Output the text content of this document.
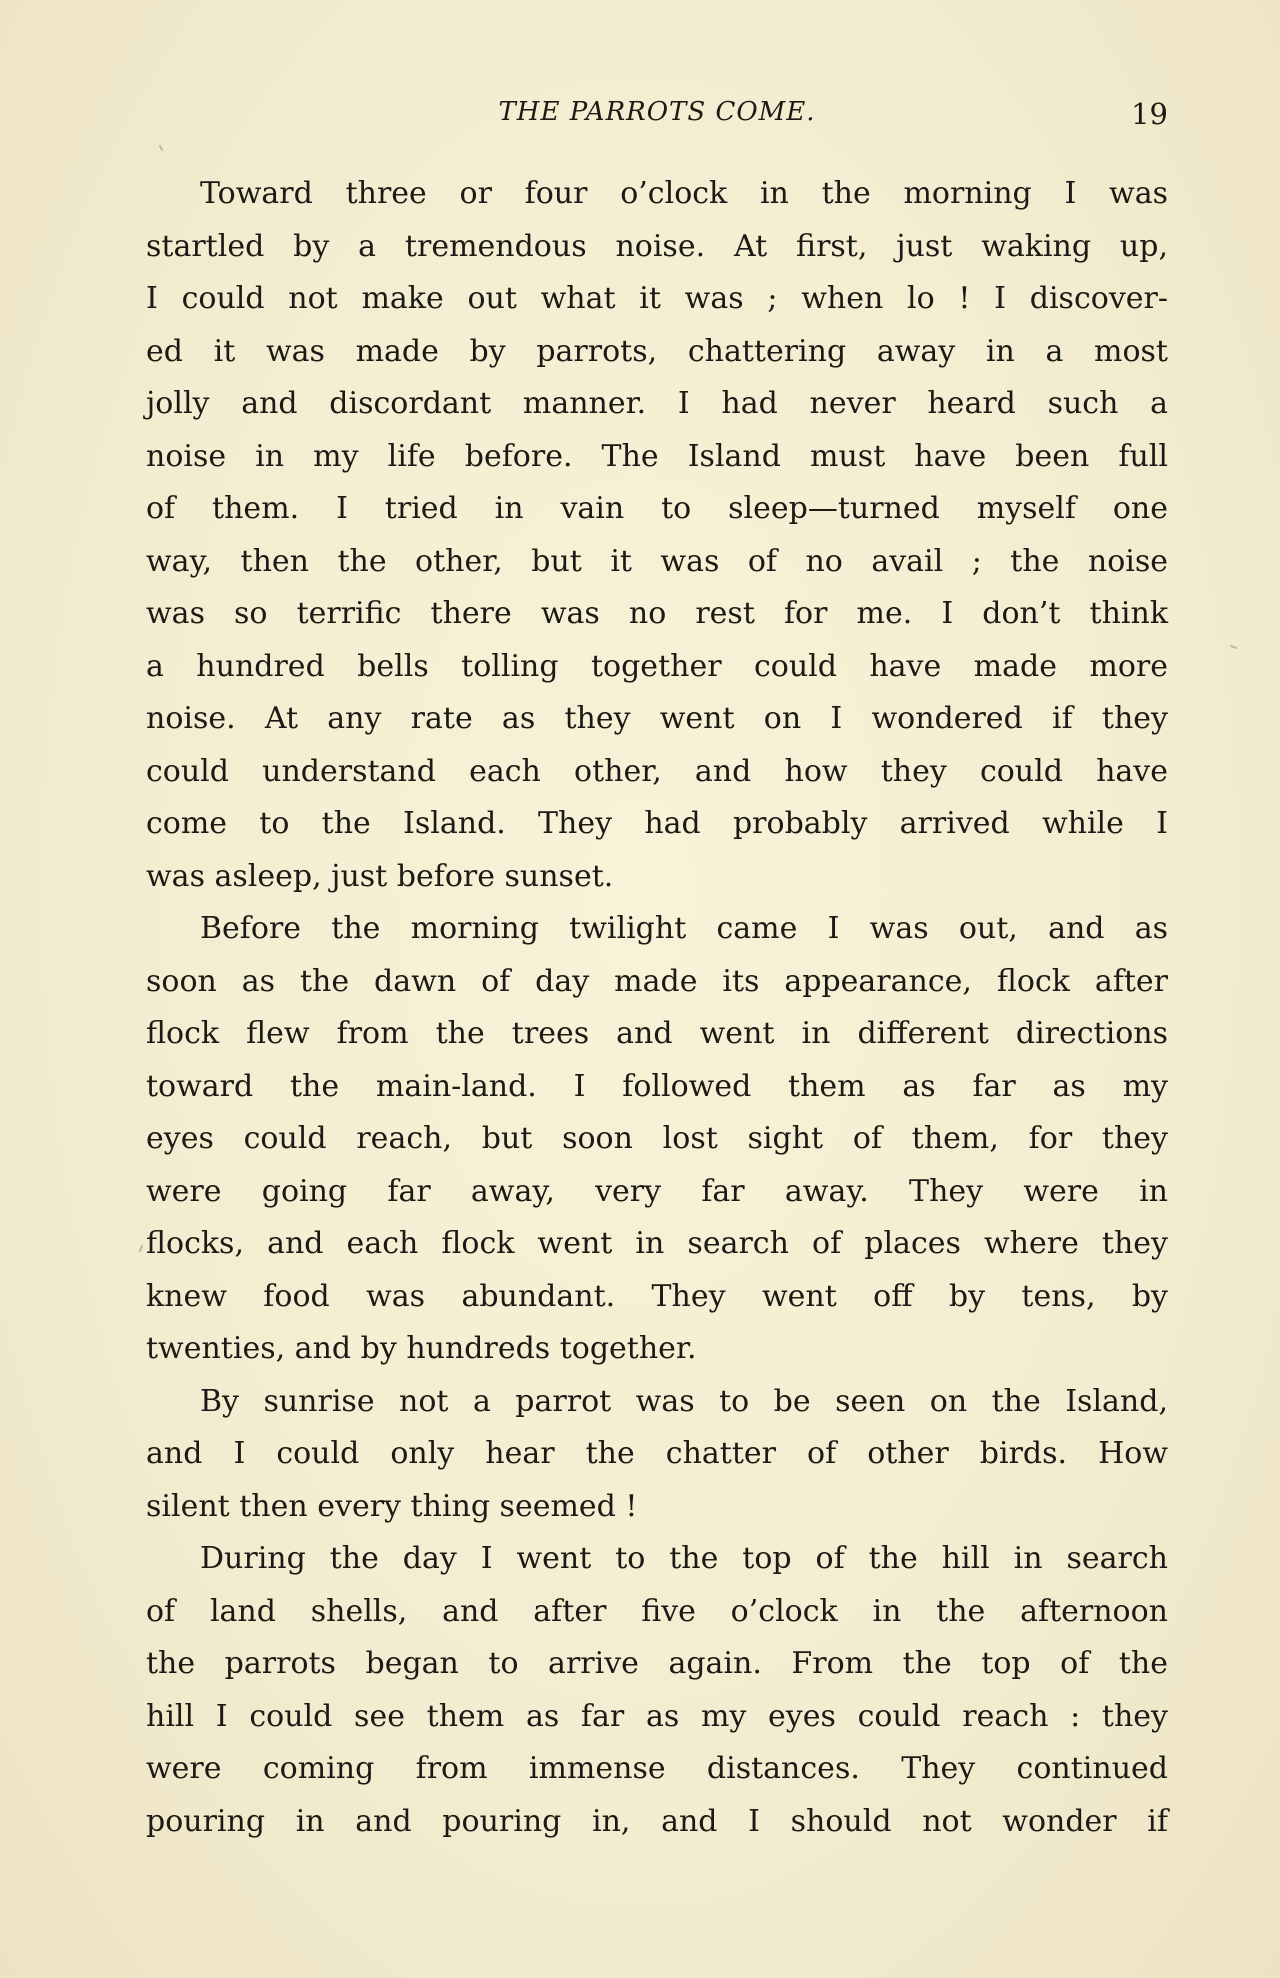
THE PARROTS COME.	19
Toward three or four o’clock in the morning I was
startled by a tremendous noise. At first, just waking up,
I could not make out what it was ; when lo ! I discover-
ed it was made by parrots, chattering away in a most
jolly and discordant manner. I had never heard such a
noise in my life before. The Island must have been full
of them. I tried in vain to sleep—turned myself one
way, then the other, but it was of no avail ; the noise
was so terrific there was no rest for me. I don’t think
a hundred bells tolling together could have made more
noise. At any rate as they went on I wondered if they
could understand each other, and how they could have
come to the Island. They had probably arrived while I
was asleep, just before sunset.
Before the morning twilight came I was out, and as
soon as the dawn of day made its appearance, flock after
flock flew from the trees and went in different directions
toward the main-land. I followed them as far as my
eyes could reach, but soon lost sight of them, for they
were going far away, very far away. They were in
flocks, and each flock went in search of places where they
knew food was abundant. They went off by tens, by
twenties, and by hundreds together.
By sunrise not a parrot was to be seen on the Island,
and I could only hear the chatter of other birds. How
silent then every thing seemed !
During the day I went to the top of the hill in search
of land shells, and after five o’clock in the afternoon
the parrots began to arrive again. From the top of the
hill I could see them as far as my eyes could reach : they
were coming from immense distances. They continued
pouring in and pouring in, and I should not wonder if
